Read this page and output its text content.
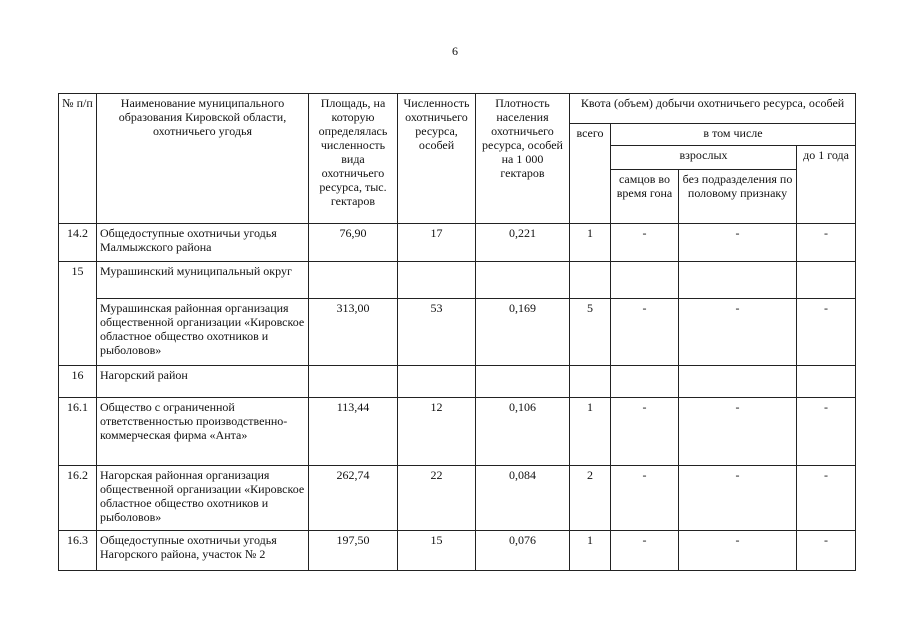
6
№ п/п	Наименование муниципального образования Кировской области, охотничьего угодья	Площадь, на которую определялась численность вида охотничьего ресурса, тыс. гектаров	Численность охотничьего ресурса, особей	Плотность населения охотничьего ресурса, особей на 1 000 гектаров	Квота (объем) добычи охотничьего ресурса, особей			
					всего	в том числе		
						взрослых		до 1 года
						самцов во время гона	без подразделения по половому признаку	
14.2	Общедоступные охотничьи угодья Малмыжского района	76,90	17	0,221	1	-	-	-
15	Мурашинский муниципальный округ							
	Мурашинская районная организация общественной организации «Кировское областное общество охотников и рыболовов»	313,00	53	0,169	5	-	-	-
16	Нагорский район							
16.1	Общество с ограниченной ответственностью производственно-коммерческая фирма «Анта»	113,44	12	0,106	1	-	-	-
16.2	Нагорская районная организация общественной организации «Кировское областное общество охотников и рыболовов»	262,74	22	0,084	2	-	-	-
16.3	Общедоступные охотничьи угодья Нагорского района, участок № 2	197,50	15	0,076	1	-	-	-
